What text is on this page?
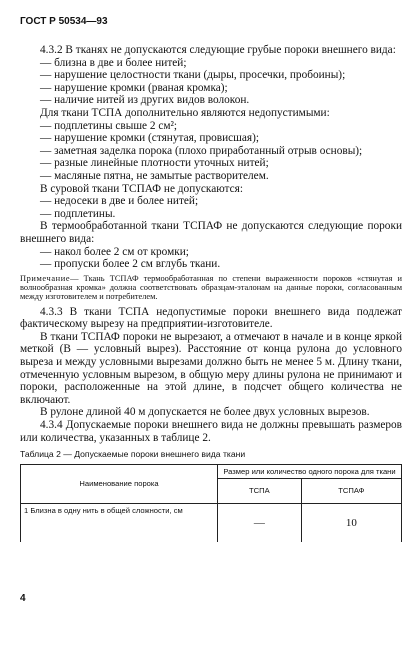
ГОСТ Р 50534—93

4.3.2 В тканях не допускаются следующие грубые пороки внешнего вида:

— близна в две и более нитей;

— нарушение целостности ткани (дыры, просечки, пробоины);

— нарушение кромки (рваная кромка);

— наличие нитей из других видов волокон.

Для ткани ТСПА дополнительно являются недопустимыми:

— подплетины свыше 2 см²;

— нарушение кромки (стянутая, провисшая);

— заметная заделка порока (плохо приработанный отрыв основы);

— разные линейные плотности уточных нитей;

— масляные пятна, не замытые растворителем.

В суровой ткани ТСПАФ не допускаются:

— недосеки в две и более нитей;

— подплетины.

В термообработанной ткани ТСПАФ не допускаются следующие пороки внешнего вида:

— накол более 2 см от кромки;

— пропуски более 2 см вглубь ткани.

Примечание— Ткань ТСПАФ термообработанная по степени выраженности пороков «стянутая и волнообразная кромка» должна соответствовать образцам-эталонам на данные пороки, согласованным между изготовителем и потребителем.

4.3.3 В ткани ТСПА недопустимые пороки внешнего вида подлежат фактическому вырезу на предприятии-изготовителе.

В ткани ТСПАФ пороки не вырезают, а отмечают в начале и в конце яркой меткой (В — условный вырез). Расстояние от конца рулона до условного выреза и между условными вырезами должно быть не менее 5 м. Длину ткани, отмеченную условным вырезом, в общую меру длины рулона не принимают и пороки, расположенные на этой длине, в подсчет общего количества не включают.

В рулоне длиной 40 м допускается не более двух условных вырезов.

4.3.4 Допускаемые пороки внешнего вида не должны превышать размеров или количества, указанных в таблице 2.

Таблица 2 — Допускаемые пороки внешнего вида ткани

Наименование порока	Размер или количество одного порока для ткани	
	ТСПА	ТСПАФ
1 Близна в одну нить в общей сложности, см	—	10
4
